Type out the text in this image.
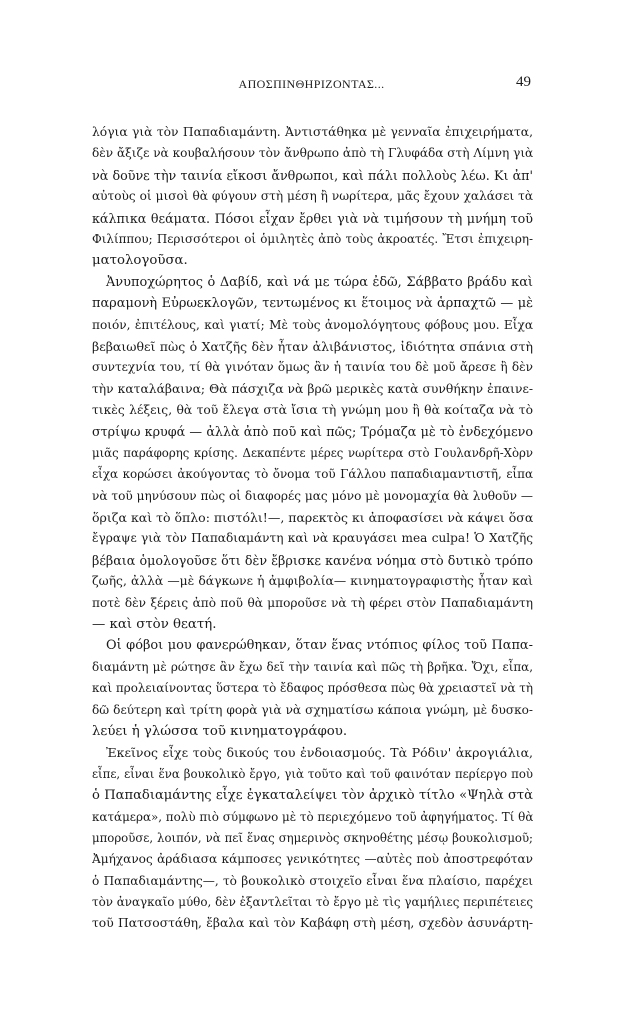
ΑΠΟΣΠΙΝΘΗΡΙΖΟΝΤΑΣ...	49
λόγια γιὰ τὸν Παπαδιαμάντη. Ἀντιστάθηκα μὲ γενναῖα ἐπιχειρήματα,
δὲν ἄξιζε νὰ κουβαλήσουν τὸν ἄνθρωπο ἀπὸ τὴ Γλυφάδα στὴ Λίμνη γιὰ
νὰ δοῦνε τὴν ταινία εἴκοσι ἄνθρωποι, καὶ πάλι πολλοὺς λέω. Κι ἀπ'
αὐτοὺς οἱ μισοὶ θὰ φύγουν στὴ μέση ἢ νωρίτερα, μᾶς ἔχουν χαλάσει τὰ
κάλπικα θεάματα. Πόσοι εἶχαν ἔρθει γιὰ νὰ τιμήσουν τὴ μνήμη τοῦ
Φιλίππου; Περισσότεροι οἱ ὁμιλητὲς ἀπὸ τοὺς ἀκροατές. Ἔτσι ἐπιχειρη-
ματολογοῦσα.
Ἀνυποχώρητος ὁ Δαβίδ, καὶ νά με τώρα ἐδῶ, Σάββατο βράδυ καὶ
παραμονὴ Εὐρωεκλογῶν, τεντωμένος κι ἕτοιμος νὰ ἁρπαχτῶ — μὲ
ποιόν, ἐπιτέλους, καὶ γιατί; Μὲ τοὺς ἀνομολόγητους φόβους μου. Εἶχα
βεβαιωθεῖ πὼς ὁ Χατζῆς δὲν ἦταν ἀλιβάνιστος, ἰδιότητα σπάνια στὴ
συντεχνία του, τί θὰ γινόταν ὅμως ἂν ἡ ταινία του δὲ μοῦ ἄρεσε ἢ δὲν
τὴν καταλάβαινα; Θὰ πάσχιζα νὰ βρῶ μερικὲς κατὰ συνθήκην ἐπαινε-
τικὲς λέξεις, θὰ τοῦ ἔλεγα στὰ ἴσια τὴ γνώμη μου ἢ θὰ κοίταζα νὰ τὸ
στρίψω κρυφά — ἀλλὰ ἀπὸ ποῦ καὶ πῶς; Τρόμαζα μὲ τὸ ἐνδεχόμενο
μιᾶς παράφορης κρίσης. Δεκαπέντε μέρες νωρίτερα στὸ Γουλανδρῆ-Χὸρν
εἶχα κορώσει ἀκούγοντας τὸ ὄνομα τοῦ Γάλλου παπαδιαμαντιστῆ, εἶπα
νὰ τοῦ μηνύσουν πὼς οἱ διαφορές μας μόνο μὲ μονομαχία θὰ λυθοῦν —
ὅριζα καὶ τὸ ὅπλο: πιστόλι!—, παρεκτὸς κι ἀποφασίσει νὰ κάψει ὅσα
ἔγραψε γιὰ τὸν Παπαδιαμάντη καὶ νὰ κραυγάσει mea culpa! Ὁ Χατζῆς
βέβαια ὁμολογοῦσε ὅτι δὲν ἔβρισκε κανένα νόημα στὸ δυτικὸ τρόπο
ζωῆς, ἀλλὰ —μὲ δάγκωνε ἡ ἀμφιβολία— κινηματογραφιστὴς ἦταν καὶ
ποτὲ δὲν ξέρεις ἀπὸ ποῦ θὰ μποροῦσε νὰ τὴ φέρει στὸν Παπαδιαμάντη
— καὶ στὸν θεατή.
Οἱ φόβοι μου φανερώθηκαν, ὅταν ἕνας ντόπιος φίλος τοῦ Παπα-
διαμάντη μὲ ρώτησε ἂν ἔχω δεῖ τὴν ταινία καὶ πῶς τὴ βρῆκα. Ὄχι, εἶπα,
καὶ προλειαίνοντας ὕστερα τὸ ἔδαφος πρόσθεσα πὼς θὰ χρειαστεῖ νὰ τὴ
δῶ δεύτερη καὶ τρίτη φορὰ γιὰ νὰ σχηματίσω κάποια γνώμη, μὲ δυσκο-
λεύει ἡ γλώσσα τοῦ κινηματογράφου.
Ἐκεῖνος εἶχε τοὺς δικούς του ἐνδοιασμούς. Τὰ Ρόδιν' ἀκρογιάλια,
εἶπε, εἶναι ἕνα βουκολικὸ ἔργο, γιὰ τοῦτο καὶ τοῦ φαινόταν περίεργο ποὺ
ὁ Παπαδιαμάντης εἶχε ἐγκαταλείψει τὸν ἀρχικὸ τίτλο «Ψηλὰ στὰ
κατάμερα», πολὺ πιὸ σύμφωνο μὲ τὸ περιεχόμενο τοῦ ἀφηγήματος. Τί θὰ
μποροῦσε, λοιπόν, νὰ πεῖ ἕνας σημερινὸς σκηνοθέτης μέσῳ βουκολισμοῦ;
Ἀμήχανος ἀράδιασα κάμποσες γενικότητες —αὐτὲς ποὺ ἀποστρεφόταν
ὁ Παπαδιαμάντης—, τὸ βουκολικὸ στοιχεῖο εἶναι ἕνα πλαίσιο, παρέχει
τὸν ἀναγκαῖο μύθο, δὲν ἐξαντλεῖται τὸ ἔργο μὲ τὶς γαμήλιες περιπέτειες
τοῦ Πατσοστάθη, ἔβαλα καὶ τὸν Καβάφη στὴ μέση, σχεδὸν ἀσυνάρτη-
